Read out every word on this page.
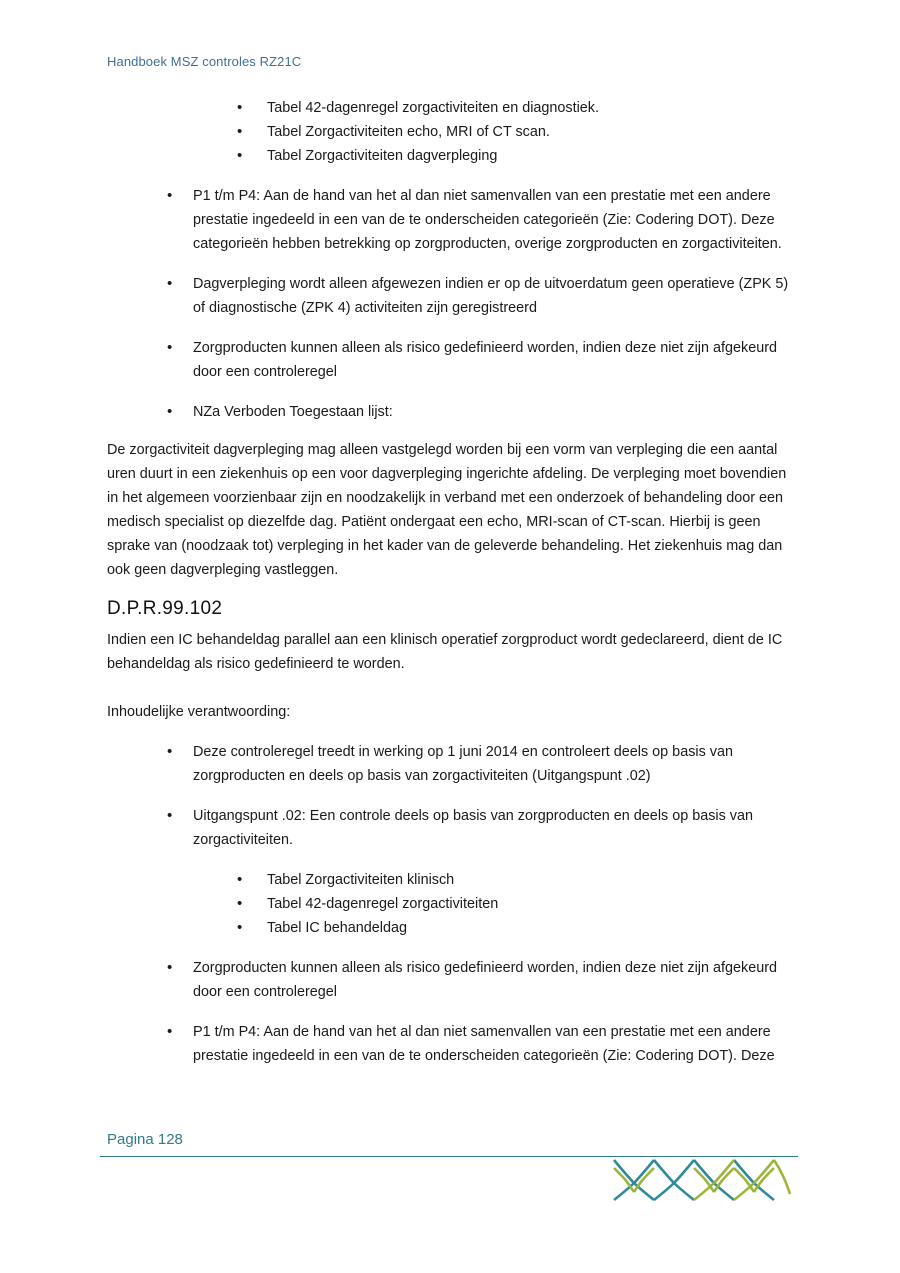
Handboek MSZ controles RZ21C
• Tabel 42-dagenregel zorgactiviteiten en diagnostiek.
• Tabel Zorgactiviteiten echo, MRI of CT scan.
• Tabel Zorgactiviteiten dagverpleging
• P1 t/m P4: Aan de hand van het al dan niet samenvallen van een prestatie met een andere prestatie ingedeeld in een van de te onderscheiden categorieën (Zie: Codering DOT). Deze categorieën hebben betrekking op zorgproducten, overige zorgproducten en zorgactiviteiten.
• Dagverpleging wordt alleen afgewezen indien er op de uitvoerdatum geen operatieve (ZPK 5) of diagnostische (ZPK 4) activiteiten zijn geregistreerd
• Zorgproducten kunnen alleen als risico gedefinieerd worden, indien deze niet zijn afgekeurd door een controleregel
• NZa Verboden Toegestaan lijst:

De zorgactiviteit dagverpleging mag alleen vastgelegd worden bij een vorm van verpleging die een aantal uren duurt in een ziekenhuis op een voor dagverpleging ingerichte afdeling. De verpleging moet bovendien in het algemeen voorzienbaar zijn en noodzakelijk in verband met een onderzoek of behandeling door een medisch specialist op diezelfde dag. Patiënt ondergaat een echo, MRI-scan of CT-scan. Hierbij is geen sprake van (noodzaak tot) verpleging in het kader van de geleverde behandeling. Het ziekenhuis mag dan ook geen dagverpleging vastleggen.

D.P.R.99.102

Indien een IC behandeldag parallel aan een klinisch operatief zorgproduct wordt gedeclareerd, dient de IC behandeldag als risico gedefinieerd te worden.

Inhoudelijke verantwoording:

• Deze controleregel treedt in werking op 1 juni 2014 en controleert deels op basis van zorgproducten en deels op basis van zorgactiviteiten (Uitgangspunt .02)
• Uitgangspunt .02: Een controle deels op basis van zorgproducten en deels op basis van zorgactiviteiten.
• Tabel Zorgactiviteiten klinisch
• Tabel 42-dagenregel zorgactiviteiten
• Tabel IC behandeldag
• Zorgproducten kunnen alleen als risico gedefinieerd worden, indien deze niet zijn afgekeurd door een controleregel
• P1 t/m P4: Aan de hand van het al dan niet samenvallen van een prestatie met een andere prestatie ingedeeld in een van de te onderscheiden categorieën (Zie: Codering DOT). Deze
Pagina 128
